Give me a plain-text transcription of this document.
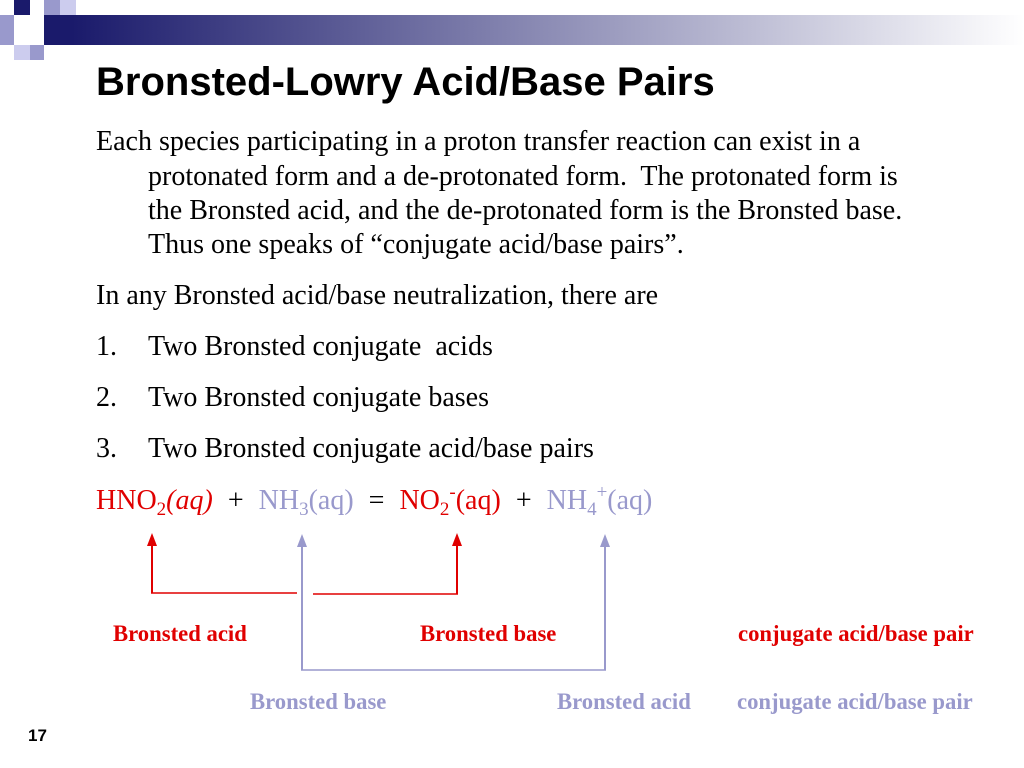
Bronsted-Lowry Acid/Base Pairs
Each species participating in a proton transfer reaction can exist in a
protonated form and a de-protonated form.  The protonated form is
the Bronsted acid, and the de-protonated form is the Bronsted base.
Thus one speaks of “conjugate acid/base pairs”.
In any Bronsted acid/base neutralization, there are
1. Two Bronsted conjugate  acids
2. Two Bronsted conjugate bases
3. Two Bronsted conjugate acid/base pairs
$HNO_2(aq) + NH_3(aq) = NO_2^-(aq) + NH_4^+(aq)$
Bronsted acid	Bronsted base	conjugate acid/base pair
Bronsted base	Bronsted acid conjugate acid/base pair
17
